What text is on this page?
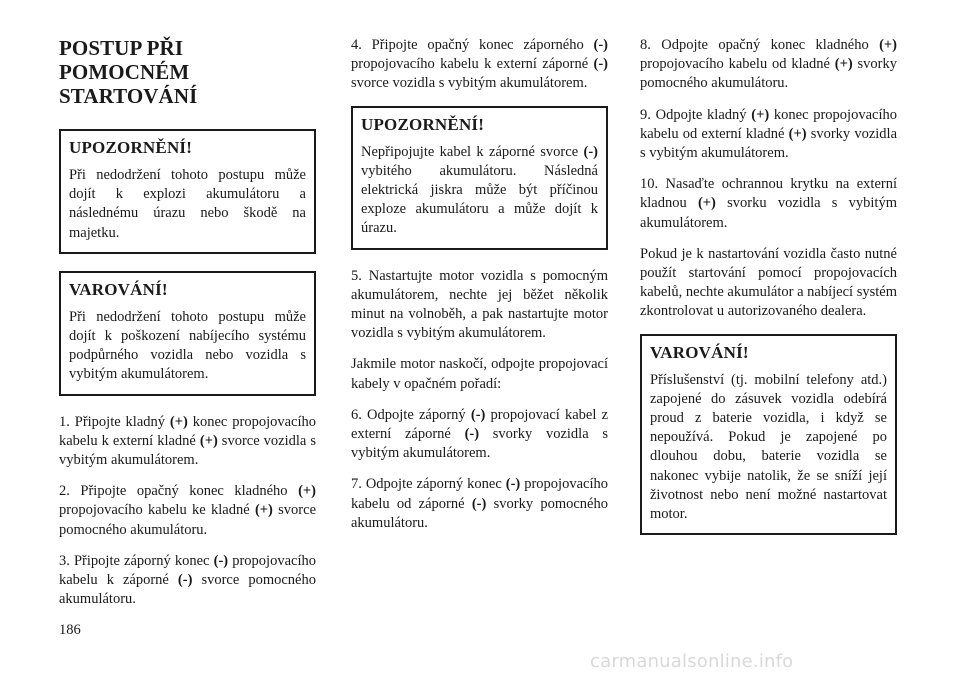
POSTUP PŘI POMOCNÉM
STARTOVÁNÍ
UPOZORNĚNÍ!

Při nedodržení tohoto postupu může dojít k explozi akumulátoru a následnému úrazu nebo škodě na majetku.

VAROVÁNÍ!

Při nedodržení tohoto postupu může dojít k poškození nabíjecího systému podpůrného vozidla nebo vozidla s vybitým akumulátorem.

1. Připojte kladný (+) konec propojovacího kabelu k externí kladné (+) svorce vozidla s vybitým akumulátorem.

2. Připojte opačný konec kladného (+) propojovacího kabelu ke kladné (+) svorce pomocného akumulátoru.

3. Připojte záporný konec (-) propojovacího kabelu k záporné (-) svorce pomocného akumulátoru.

4. Připojte opačný konec záporného (-) propojovacího kabelu k externí záporné (-) svorce vozidla s vybitým akumulátorem.

UPOZORNĚNÍ!

Nepřipojujte kabel k záporné svorce (-) vybitého akumulátoru. Následná elektrická jiskra může být příčinou exploze akumulátoru a může dojít k úrazu.

5. Nastartujte motor vozidla s pomocným akumulátorem, nechte jej běžet několik minut na volnoběh, a pak nastartujte motor vozidla s vybitým akumulátorem.

Jakmile motor naskočí, odpojte propojovací kabely v opačném pořadí:

6. Odpojte záporný (-) propojovací kabel z externí záporné (-) svorky vozidla s vybitým akumulátorem.

7. Odpojte záporný konec (-) propojovacího kabelu od záporné (-) svorky pomocného akumulátoru.

8. Odpojte opačný konec kladného (+) propojovacího kabelu od kladné (+) svorky pomocného akumulátoru.

9. Odpojte kladný (+) konec propojovacího kabelu od externí kladné (+) svorky vozidla s vybitým akumulátorem.

10. Nasaďte ochrannou krytku na externí kladnou (+) svorku vozidla s vybitým akumulátorem.

Pokud je k nastartování vozidla často nutné použít startování pomocí propojovacích kabelů, nechte akumulátor a nabíjecí systém zkontrolovat u autorizovaného dealera.

VAROVÁNÍ!

Příslušenství (tj. mobilní telefony atd.) zapojené do zásuvek vozidla odebírá proud z baterie vozidla, i když se nepoužívá. Pokud je zapojené po dlouhou dobu, baterie vozidla se nakonec vybije natolik, že se sníží její životnost nebo není možné nastartovat motor.

186
carmanualsonline.info
